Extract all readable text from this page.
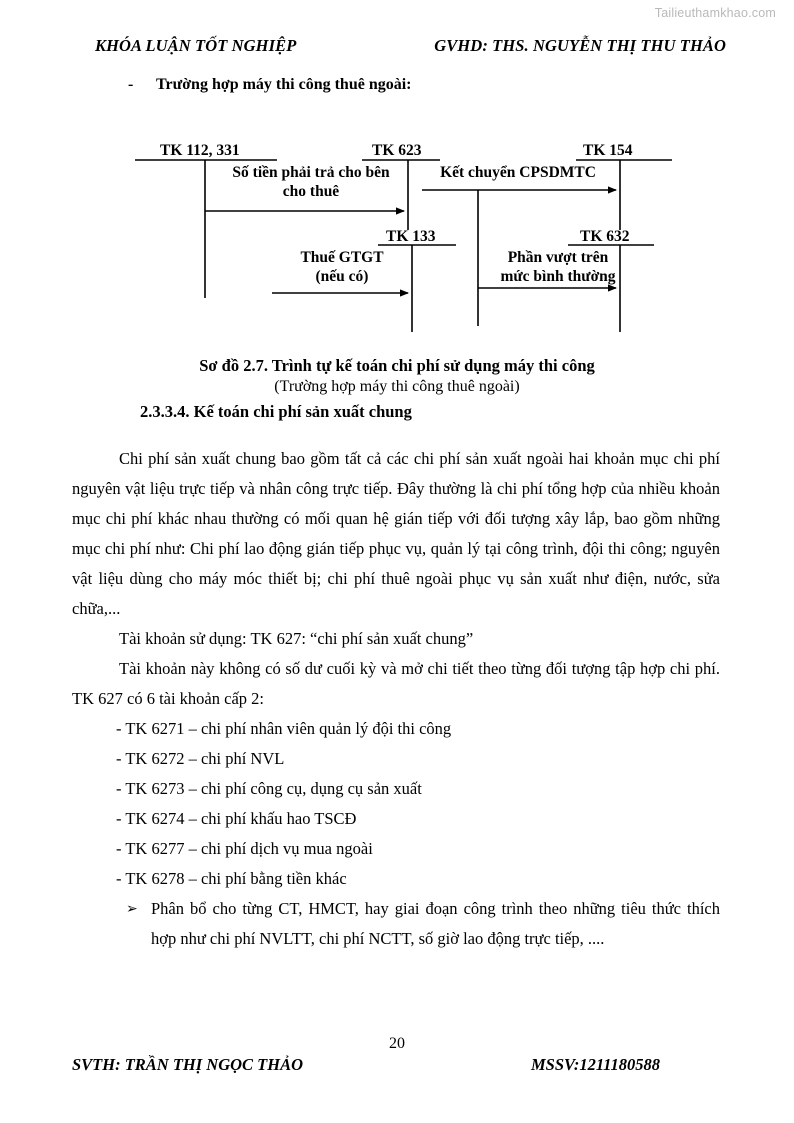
Tailieuthamkhao.com
KHÓA LUẬN TỐT NGHIỆP	GVHD: THS. NGUYỄN THỊ THU THẢO
-	Trường hợp máy thi công thuê ngoài:
TK 112, 331	TK 623	TK 154
TK 133	TK 632
Số tiền phải trả cho bên
cho thuê
Kết chuyển CPSDMTC
Thuế GTGT
(nếu có)
Phần vượt trên
mức bình thường
Sơ đồ 2.7. Trình tự kế toán chi phí sử dụng máy thi công
(Trường hợp máy thi công thuê ngoài)
2.3.3.4. Kế toán chi phí sản xuất chung

Chi phí sản xuất chung bao gồm tất cả các chi phí sản xuất ngoài hai khoản mục chi phí nguyên vật liệu trực tiếp và nhân công trực tiếp. Đây thường là chi phí tổng hợp của nhiều khoản mục chi phí khác nhau thường có mối quan hệ gián tiếp với đối tượng xây lắp, bao gồm những mục chi phí như: Chi phí lao động gián tiếp phục vụ, quản lý tại công trình, đội thi công; nguyên vật liệu dùng cho máy móc thiết bị; chi phí thuê ngoài phục vụ sản xuất như điện, nước, sửa chữa,...

Tài khoản sử dụng: TK 627: “chi phí sản xuất chung”

Tài khoản này không có số dư cuối kỳ và mở chi tiết theo từng đối tượng tập hợp chi phí. TK 627 có 6 tài khoản cấp 2:

- TK 6271 – chi phí nhân viên quản lý đội thi công
- TK 6272 – chi phí NVL
- TK 6273 – chi phí công cụ, dụng cụ sản xuất
- TK 6274 – chi phí khấu hao TSCĐ
- TK 6277 – chi phí dịch vụ mua ngoài
- TK 6278 – chi phí bằng tiền khác
➢ Phân bổ cho từng CT, HMCT, hay giai đoạn công trình theo những tiêu thức thích hợp như chi phí NVLTT, chi phí NCTT, số giờ lao động trực tiếp, ....
20
SVTH: TRẦN THỊ NGỌC THẢO	MSSV:1211180588
